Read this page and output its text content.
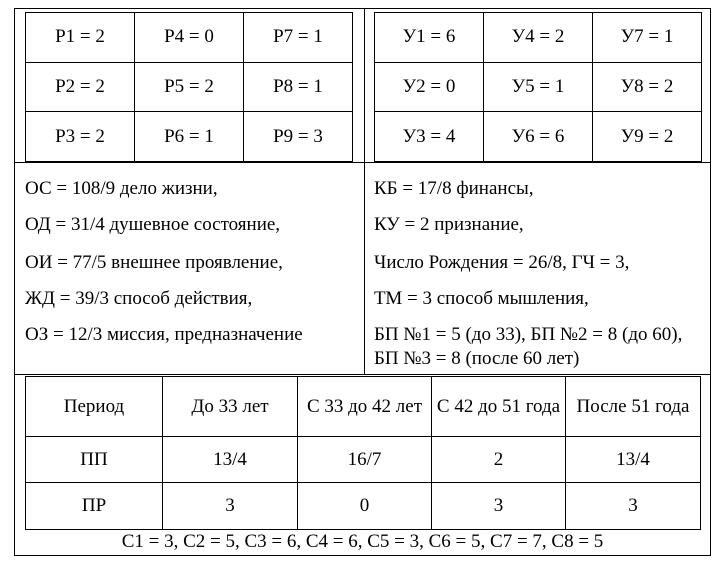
Р1 = 2	Р4 = 0	Р7 = 1
Р2 = 2	Р5 = 2	Р8 = 1
Р3 = 2	Р6 = 1	Р9 = 3
У1 = 6	У4 = 2	У7 = 1
У2 = 0	У5 = 1	У8 = 2
У3 = 4	У6 = 6	У9 = 2
ОС = 108/9 дело жизни,
ОД = 31/4 душевное состояние,
ОИ = 77/5 внешнее проявление,
ЖД = 39/3 способ действия,
ОЗ = 12/3 миссия, предназначение
КБ = 17/8 финансы,
КУ = 2 признание,
Число Рождения = 26/8, ГЧ = 3,
ТМ = 3 способ мышления,
БП №1 = 5 (до 33), БП №2 = 8 (до 60), БП №3 = 8 (после 60 лет)
Период	До 33 лет	С 33 до 42 лет	С 42 до 51 года	После 51 года
ПП	13/4	16/7	2	13/4
ПР	3	0	3	3
С1 = 3, С2 = 5, С3 = 6, С4 = 6, С5 = 3, С6 = 5, С7 = 7, С8 = 5
